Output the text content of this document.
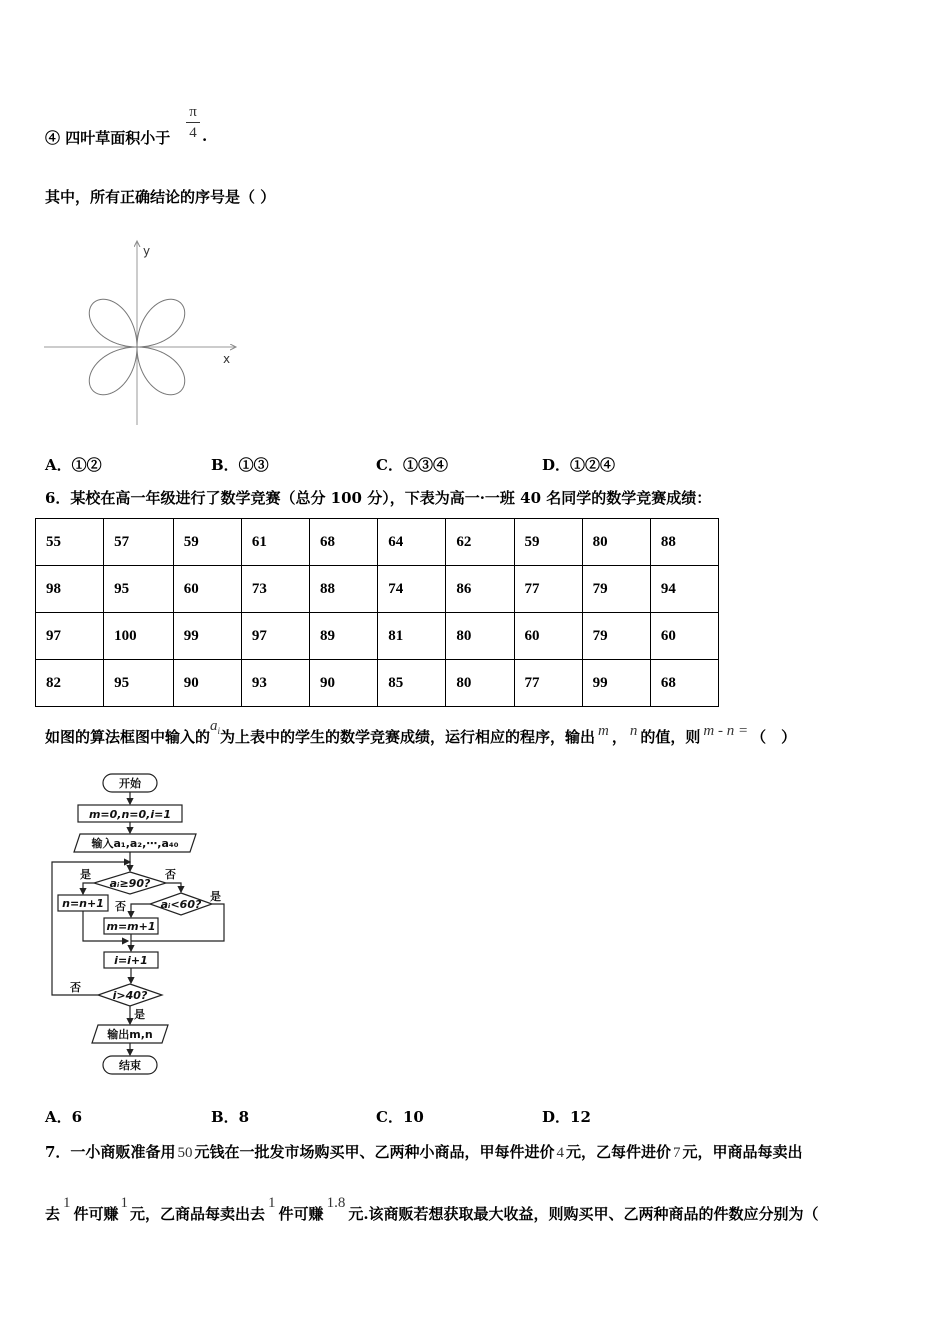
④ 四叶草面积小于
π
4 .
其中，所有正确结论的序号是（ ）
y
x
A．①②	B．①③	C．①③④	D．①②④
6．某校在高一年级进行了数学竞赛（总分 100 分），下表为高一·一班 40 名同学的数学竞赛成绩：
55	57	59	61	68	64	62	59	80	88
98	95	60	73	88	74	86	77	79	94
97	100	99	97	89	81	80	60	79	60
82	95	90	93	90	85	80	77	99	68
如图的算法框图中输入的$a_i$为上表中的学生的数学竞赛成绩，运行相应的程序，输出 m ， n 的值，则 m - n = （　）
开始
m=0,n=0,i=1
输入a₁,a₂,⋯,a₄₀
aᵢ≥90?
aᵢ<60?
n=n+1
m=m+1
i=i+1
i>40?
输出m,n
结束
是	否
否
是
否
是
A．6	B．8	C．10	D．12
7．一小商贩准备用 50 元钱在一批发市场购买甲、乙两种小商品，甲每件进价 4 元，乙每件进价 7 元，甲商品每卖出
去1件可赚1元，乙商品每卖出去1件可赚1.8元.该商贩若想获取最大收益，则购买甲、乙两种商品的件数应分别为（
